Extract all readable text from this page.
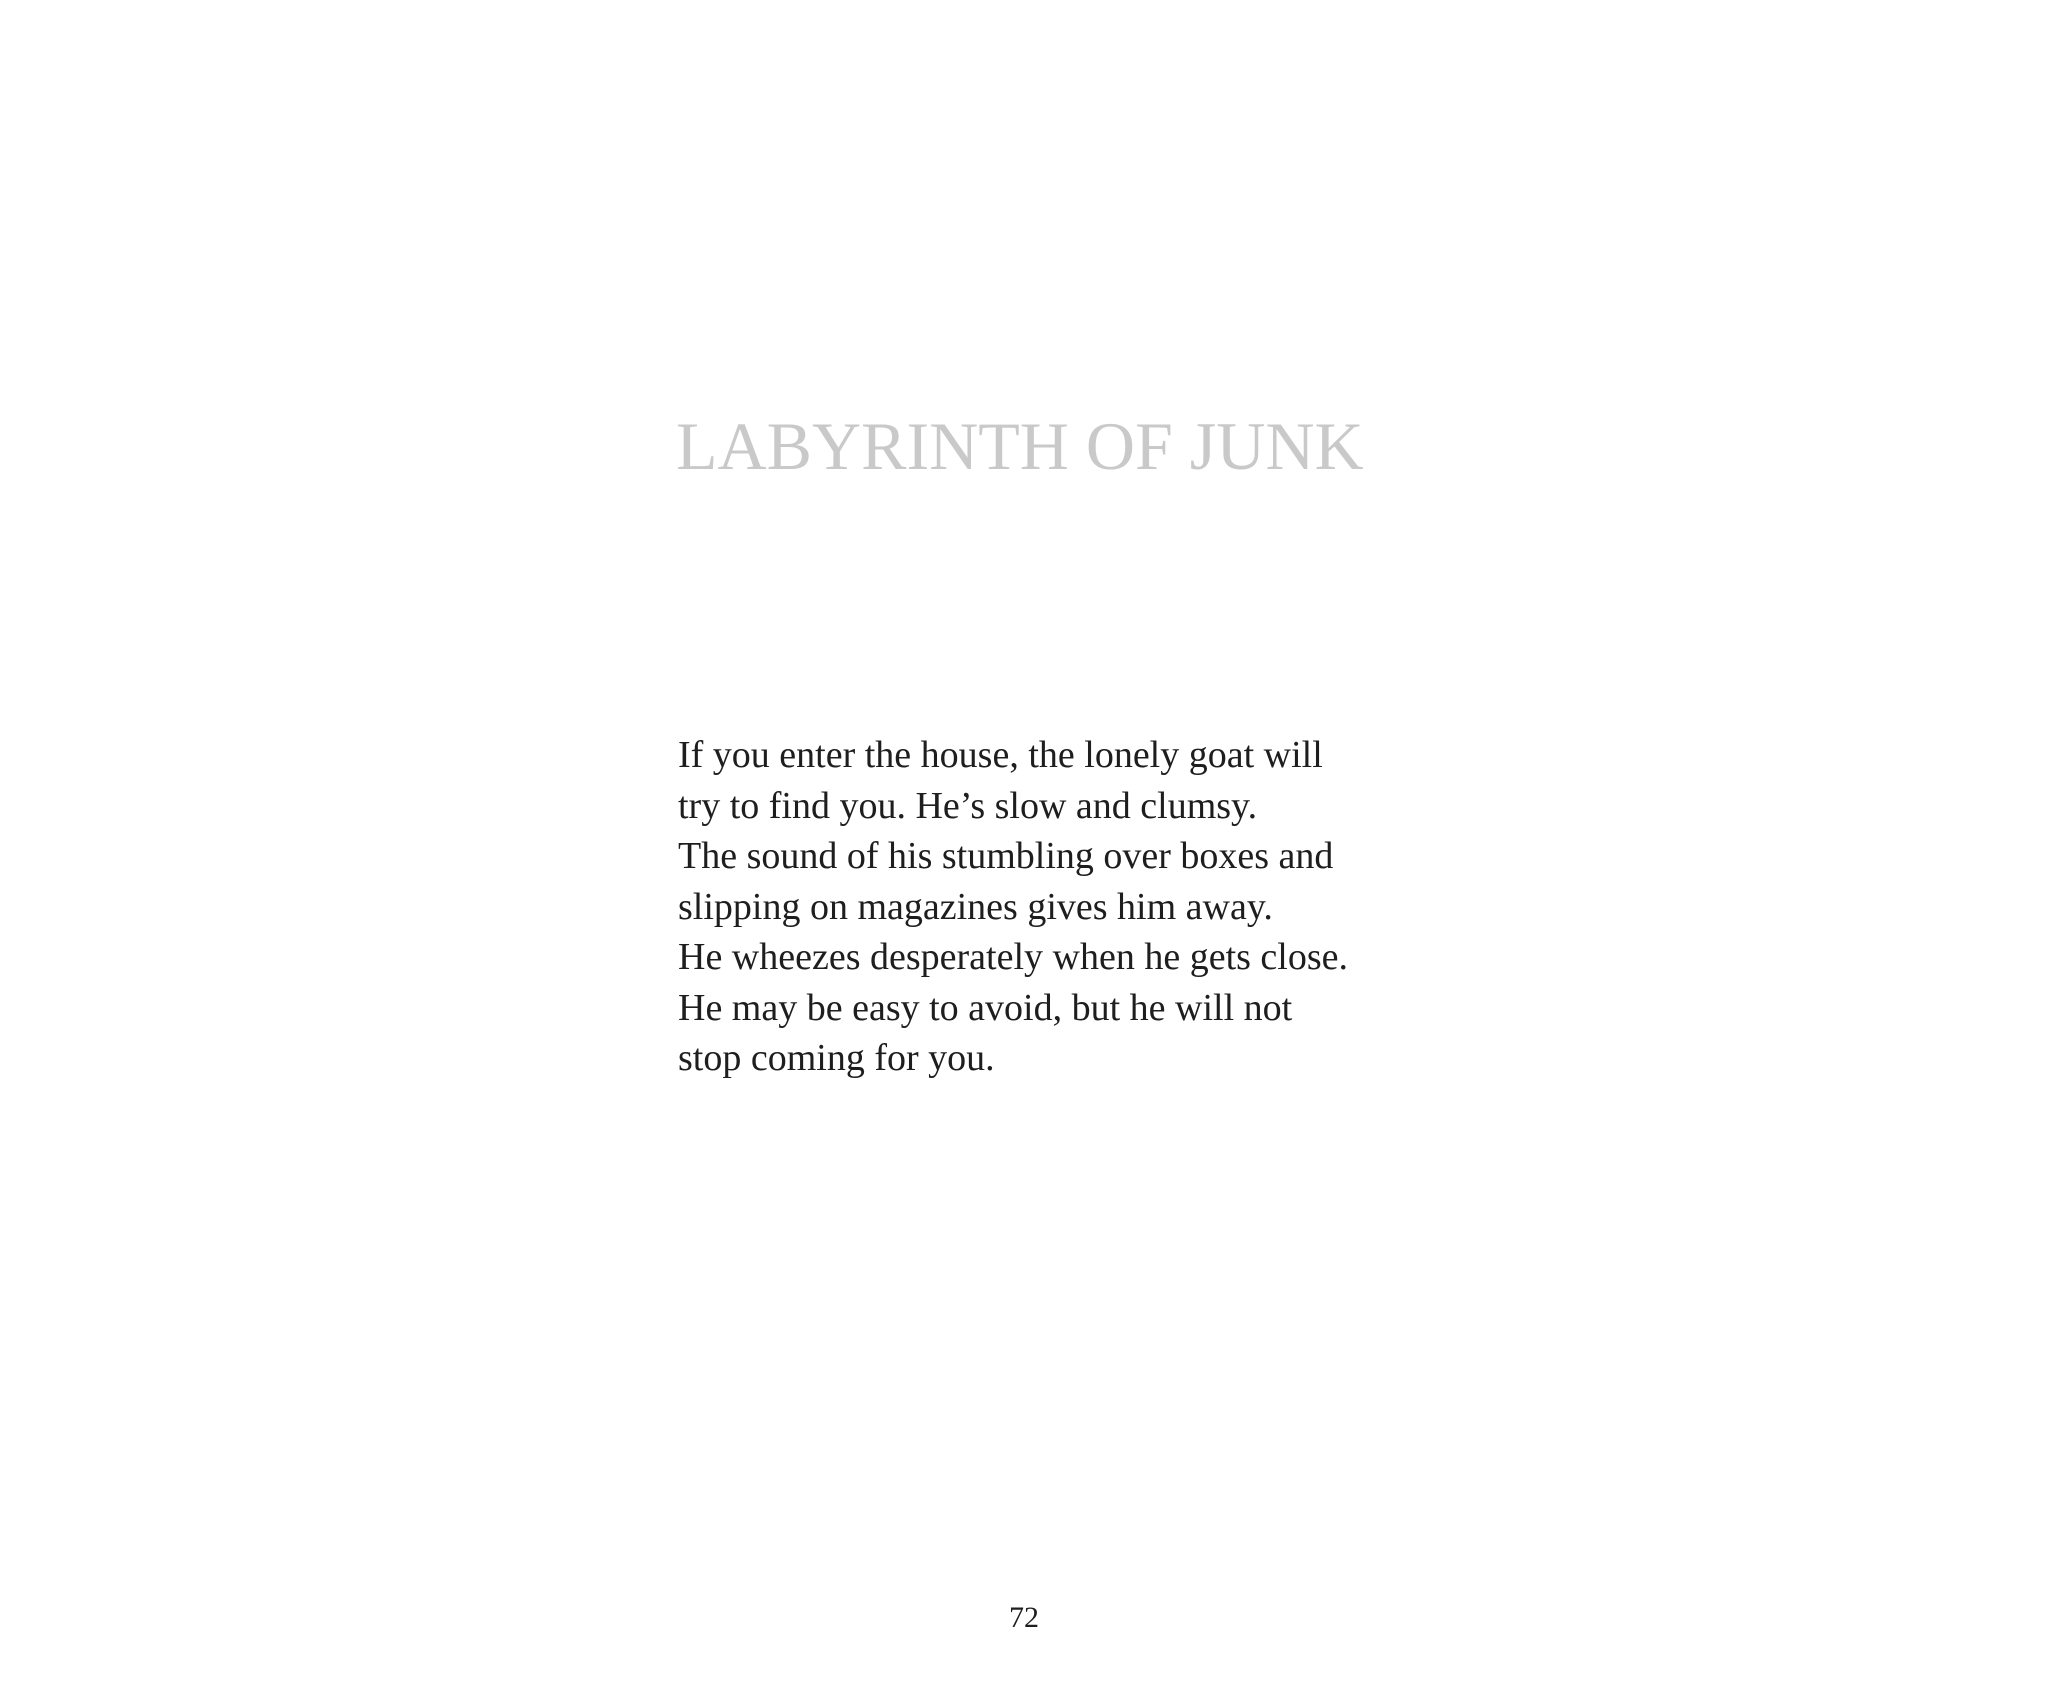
LABYRINTH OF JUNK

If you enter the house, the lonely goat will
try to find you. He’s slow and clumsy.
The sound of his stumbling over boxes and
slipping on magazines gives him away.
He wheezes desperately when he gets close.
He may be easy to avoid, but he will not
stop coming for you.

72
